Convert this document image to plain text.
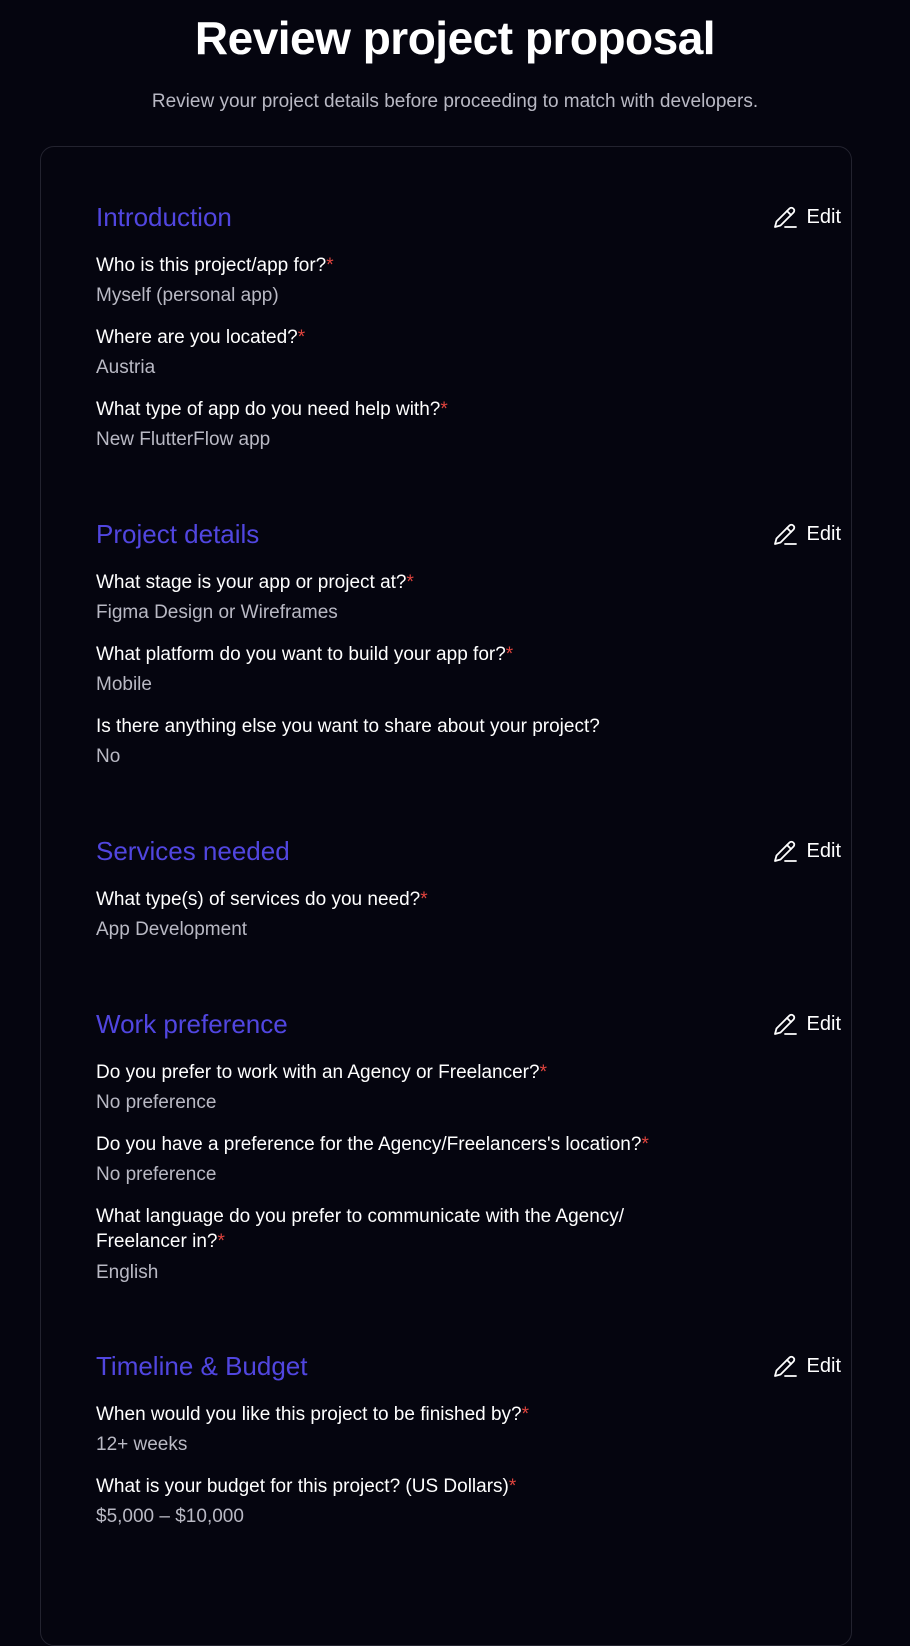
Review project proposal

Review your project details before proceeding to match with developers.

Introduction	Edit

Who is this project/app for?*

Myself (personal app)

Where are you located?*

Austria

What type of app do you need help with?*

New FlutterFlow app

Project details	Edit

What stage is your app or project at?*

Figma Design or Wireframes

What platform do you want to build your app for?*

Mobile

Is there anything else you want to share about your project?

No

Services needed	Edit

What type(s) of services do you need?*

App Development

Work preference	Edit

Do you prefer to work with an Agency or Freelancer?*

No preference

Do you have a preference for the Agency/Freelancers's location?*

No preference

What language do you prefer to communicate with the Agency/ Freelancer in?*

English

Timeline & Budget	Edit

When would you like this project to be finished by?*

12+ weeks

What is your budget for this project? (US Dollars)*

$5,000 – $10,000
